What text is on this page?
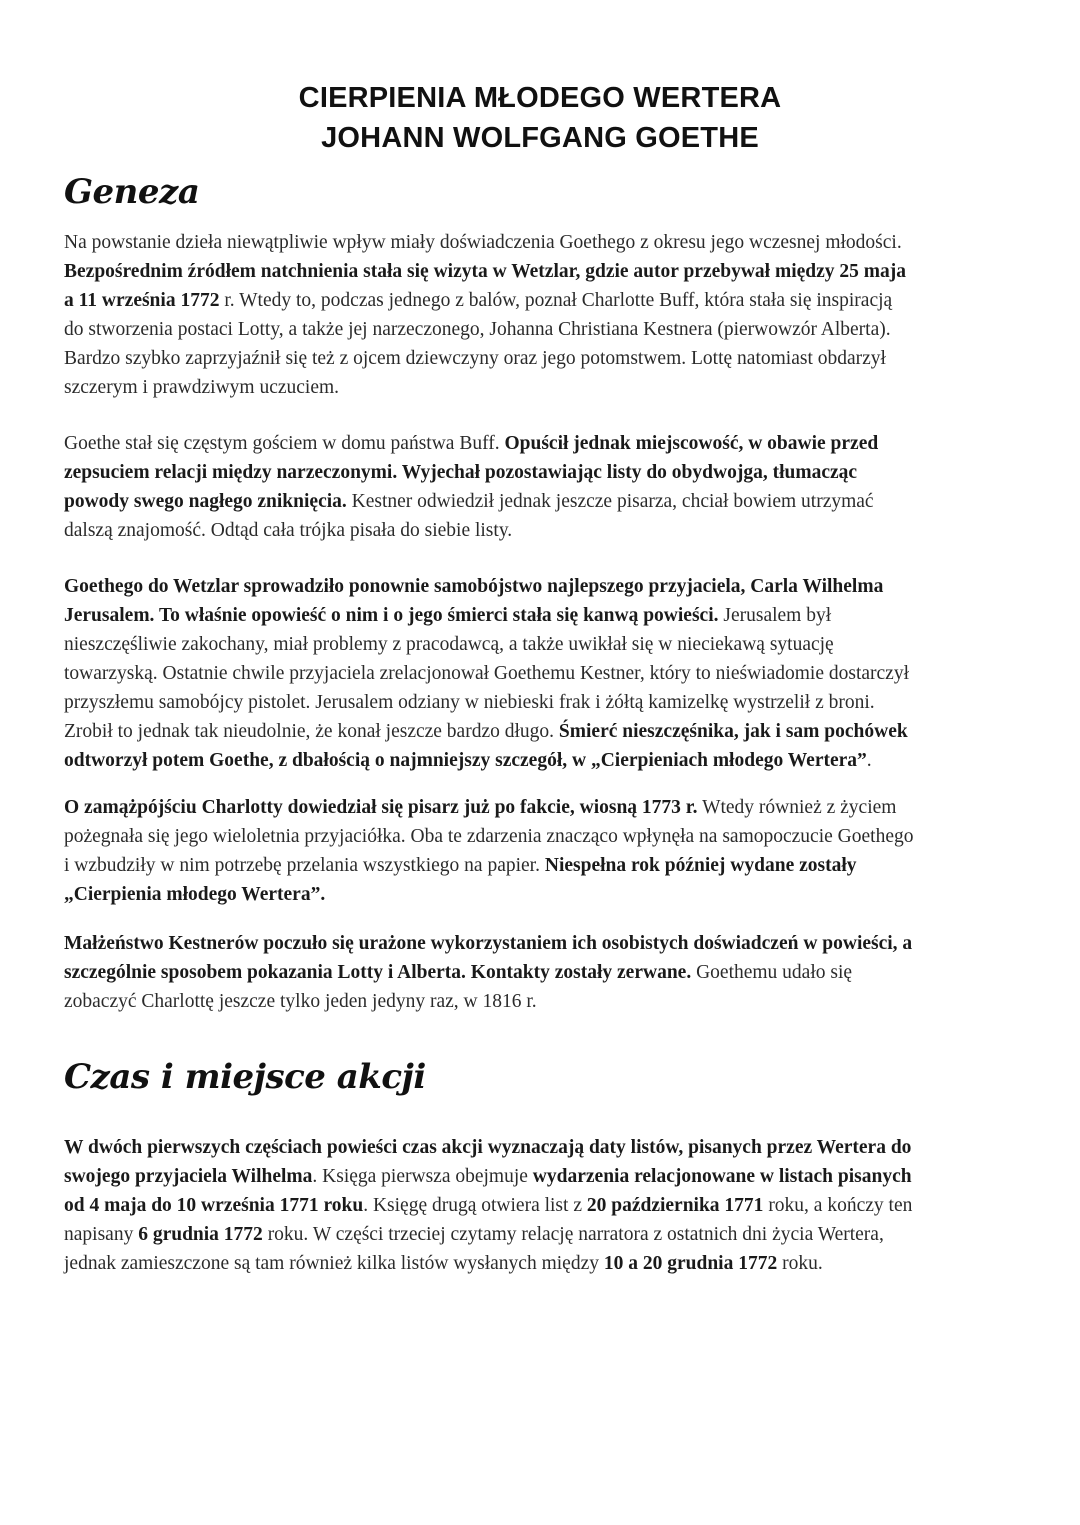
CIERPIENIA MŁODEGO WERTERA
JOHANN WOLFGANG GOETHE
Geneza
Na powstanie dzieła niewątpliwie wpływ miały doświadczenia Goethego z okresu jego wczesnej młodości.
Bezpośrednim źródłem natchnienia stała się wizyta w Wetzlar, gdzie autor przebywał między 25 maja
a 11 września 1772 r. Wtedy to, podczas jednego z balów, poznał Charlotte Buff, która stała się inspiracją
do stworzenia postaci Lotty, a także jej narzeczonego, Johanna Christiana Kestnera (pierwowzór Alberta).
Bardzo szybko zaprzyjaźnił się też z ojcem dziewczyny oraz jego potomstwem. Lottę natomiast obdarzył
szczerym i prawdziwym uczuciem.
Goethe stał się częstym gościem w domu państwa Buff. Opuścił jednak miejscowość, w obawie przed
zepsuciem relacji między narzeczonymi. Wyjechał pozostawiając listy do obydwojga, tłumacząc
powody swego nagłego zniknięcia. Kestner odwiedził jednak jeszcze pisarza, chciał bowiem utrzymać
dalszą znajomość. Odtąd cała trójka pisała do siebie listy.
Goethego do Wetzlar sprowadziło ponownie samobójstwo najlepszego przyjaciela, Carla Wilhelma
Jerusalem. To właśnie opowieść o nim i o jego śmierci stała się kanwą powieści. Jerusalem był
nieszczęśliwie zakochany, miał problemy z pracodawcą, a także uwikłał się w nieciekawą sytuację
towarzyską. Ostatnie chwile przyjaciela zrelacjonował Goethemu Kestner, który to nieświadomie dostarczył
przyszłemu samobójcy pistolet. Jerusalem odziany w niebieski frak i żółtą kamizelkę wystrzelił z broni.
Zrobił to jednak tak nieudolnie, że konał jeszcze bardzo długo. Śmierć nieszczęśnika, jak i sam pochówek
odtworzył potem Goethe, z dbałością o najmniejszy szczegół, w „Cierpieniach młodego Wertera”.
O zamążpójściu Charlotty dowiedział się pisarz już po fakcie, wiosną 1773 r. Wtedy również z życiem
pożegnała się jego wieloletnia przyjaciółka. Oba te zdarzenia znacząco wpłynęła na samopoczucie Goethego
i wzbudziły w nim potrzebę przelania wszystkiego na papier. Niespełna rok później wydane zostały
„Cierpienia młodego Wertera”.
Małżeństwo Kestnerów poczuło się urażone wykorzystaniem ich osobistych doświadczeń w powieści, a
szczególnie sposobem pokazania Lotty i Alberta. Kontakty zostały zerwane. Goethemu udało się
zobaczyć Charlottę jeszcze tylko jeden jedyny raz, w 1816 r.
Czas i miejsce akcji
W dwóch pierwszych częściach powieści czas akcji wyznaczają daty listów, pisanych przez Wertera do
swojego przyjaciela Wilhelma. Księga pierwsza obejmuje wydarzenia relacjonowane w listach pisanych
od 4 maja do 10 września 1771 roku. Księgę drugą otwiera list z 20 października 1771 roku, a kończy ten
napisany 6 grudnia 1772 roku. W części trzeciej czytamy relację narratora z ostatnich dni życia Wertera,
jednak zamieszczone są tam również kilka listów wysłanych między 10 a 20 grudnia 1772 roku.
